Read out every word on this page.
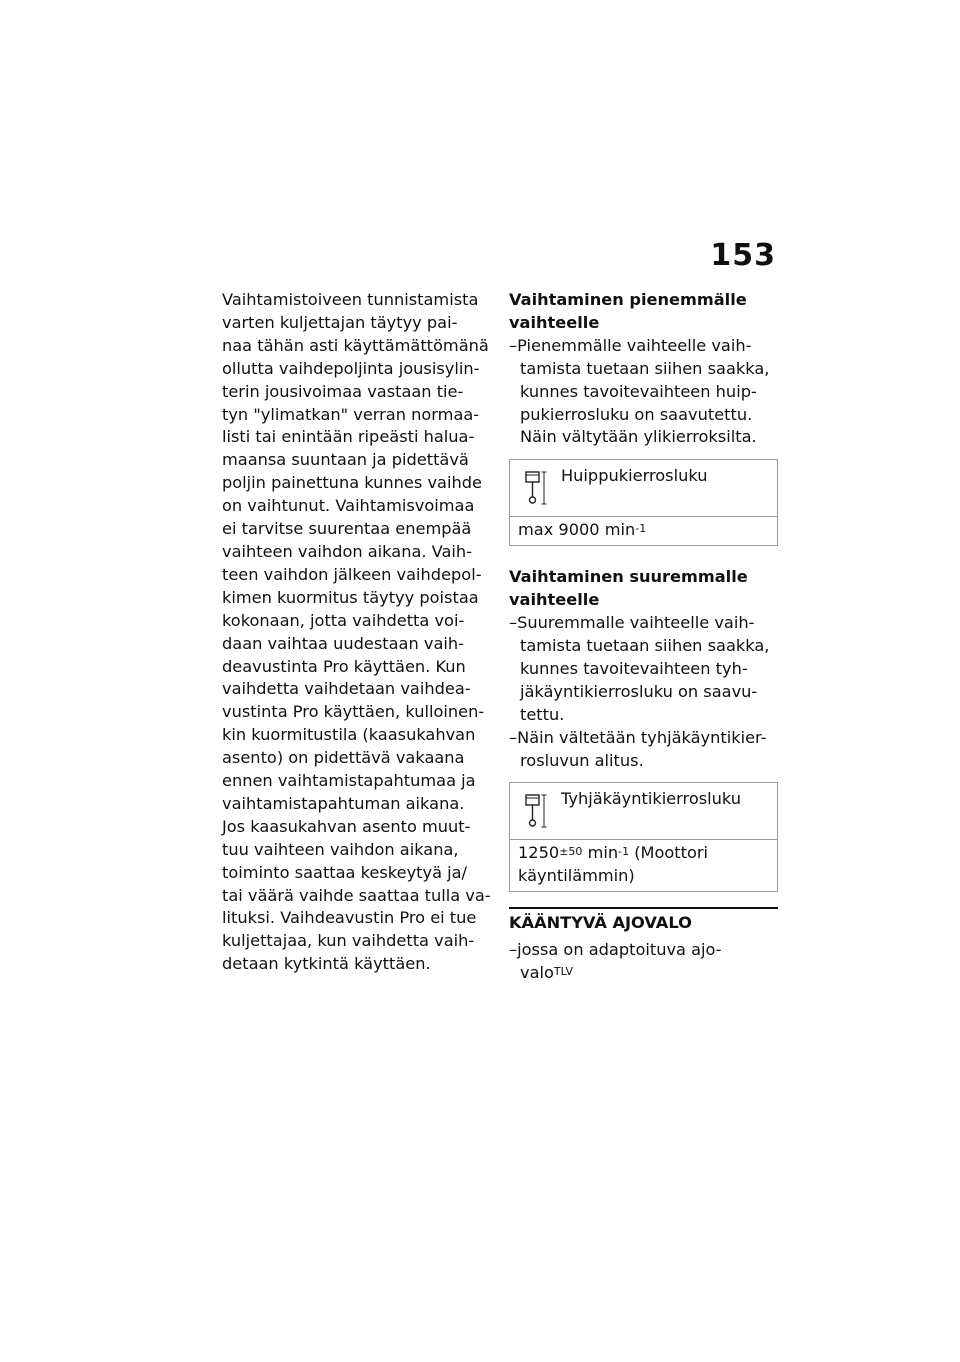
153
Vaihtamistoiveen tunnistamista
varten kuljettajan täytyy pai-
naa tähän asti käyttämättömänä
ollutta vaihdepoljinta jousisylin-
terin jousivoimaa vastaan tie-
tyn "ylimatkan" verran normaa-
listi tai enintään ripeästi halua-
maansa suuntaan ja pidettävä
poljin painettuna kunnes vaihde
on vaihtunut. Vaihtamisvoimaa
ei tarvitse suurentaa enempää
vaihteen vaihdon aikana. Vaih-
teen vaihdon jälkeen vaihdepol-
kimen kuormitus täytyy poistaa
kokonaan, jotta vaihdetta voi-
daan vaihtaa uudestaan vaih-
deavustinta Pro käyttäen. Kun
vaihdetta vaihdetaan vaihdea-
vustinta Pro käyttäen, kulloinen-
kin kuormitustila (kaasukahvan
asento) on pidettävä vakaana
ennen vaihtamistapahtumaa ja
vaihtamistapahtuman aikana.
Jos kaasukahvan asento muut-
tuu vaihteen vaihdon aikana,
toiminto saattaa keskeytyä ja/
tai väärä vaihde saattaa tulla va-
lituksi. Vaihdeavustin Pro ei tue
kuljettajaa, kun vaihdetta vaih-
detaan kytkintä käyttäen.
Vaihtaminen pienemmälle
vaihteelle
–Pienemmälle vaihteelle vaih-
tamista tuetaan siihen saakka,
kunnes tavoitevaihteen huip-
pukierrosluku on saavutettu.
Näin vältytään ylikierroksilta.
Huippukierrosluku
max 9000 $\min^{-1}$
Vaihtaminen suuremmalle
vaihteelle
–Suuremmalle vaihteelle vaih-
tamista tuetaan siihen saakka,
kunnes tavoitevaihteen tyh-
jäkäyntikierrosluku on saavu-
tettu.
–Näin vältetään tyhjäkäyntikier-
rosluvun alitus.
Tyhjäkäyntikierrosluku
$1250^{\pm 50}$ $\min^{-1}$ (Moottori
käyntilämmin)
KÄÄNTYVÄ AJOVALO
–jossa on adaptoituva ajo-
valo$^{TLV}$
